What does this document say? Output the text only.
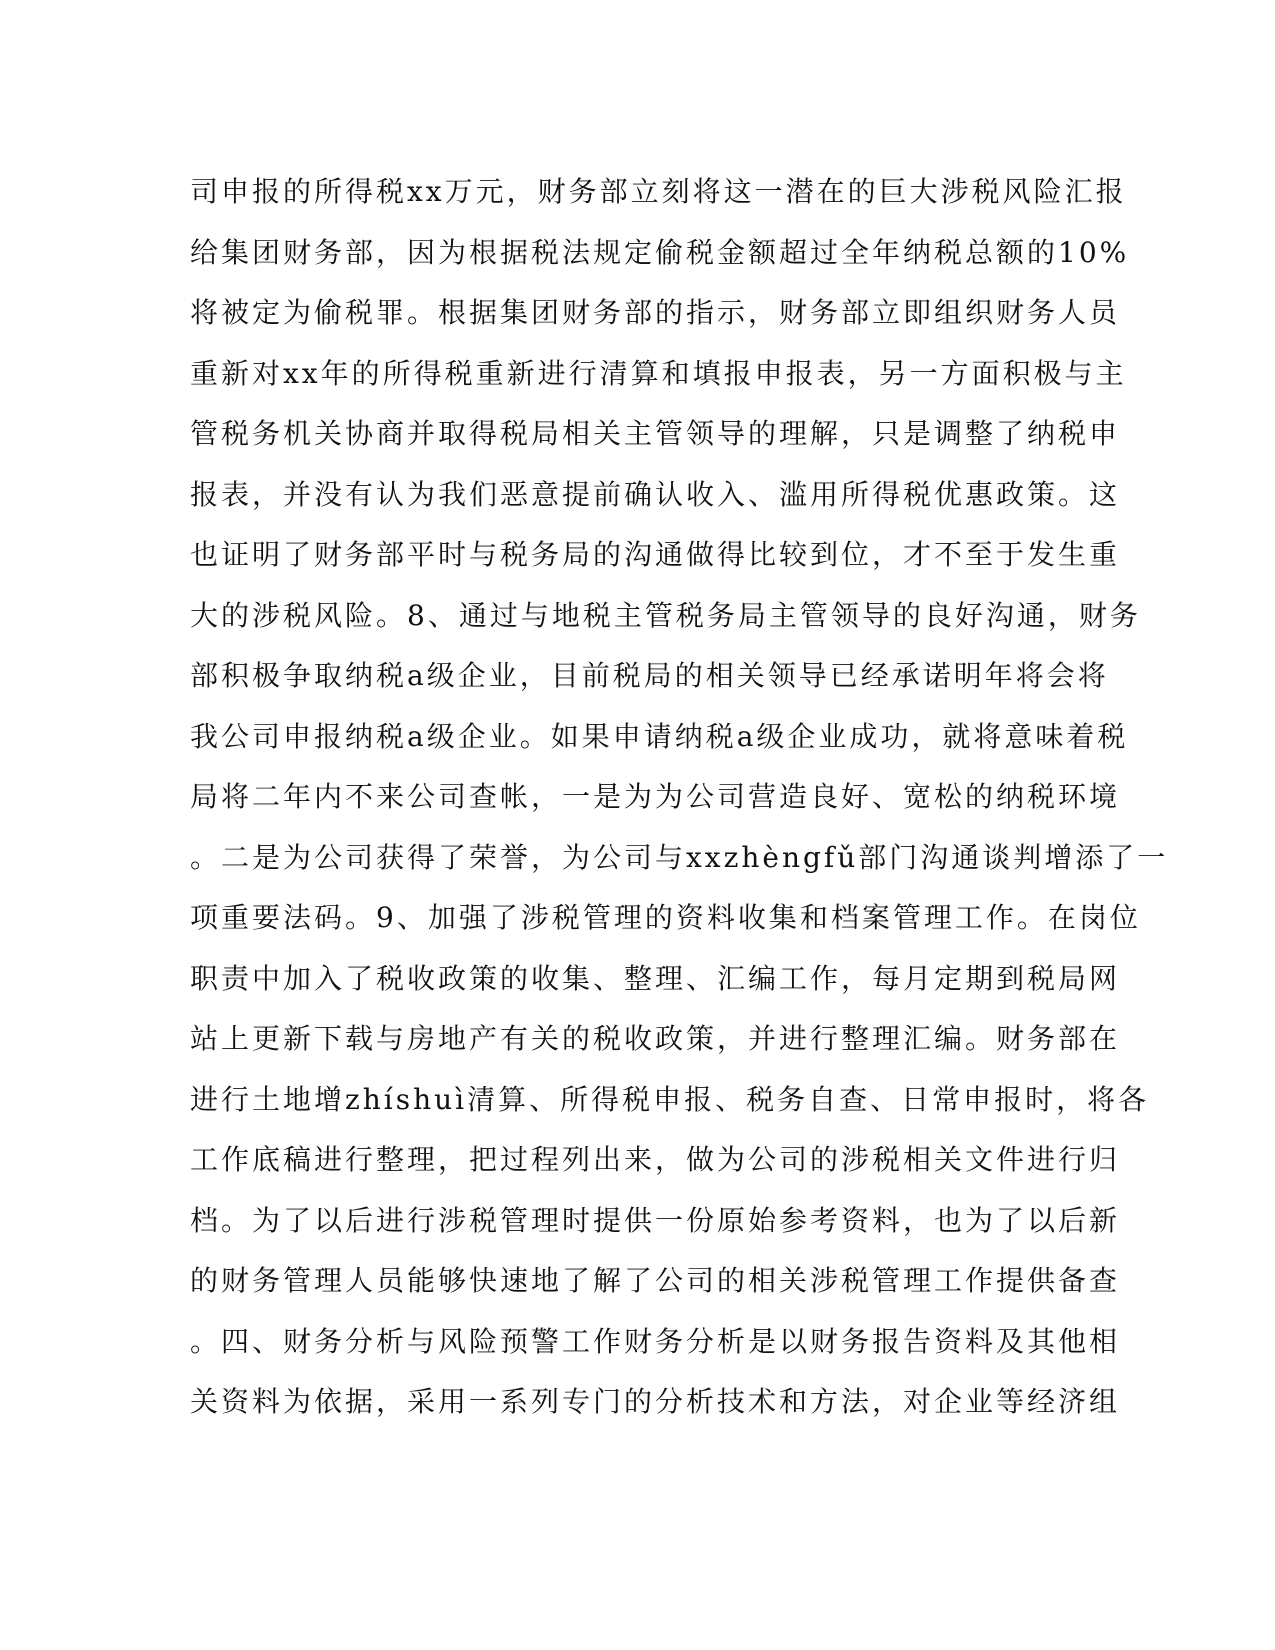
司申报的所得税xx万元，财务部立刻将这一潜在的巨大涉税风险汇报
给集团财务部，因为根据税法规定偷税金额超过全年纳税总额的10%
将被定为偷税罪。根据集团财务部的指示，财务部立即组织财务人员
重新对xx年的所得税重新进行清算和填报申报表，另一方面积极与主
管税务机关协商并取得税局相关主管领导的理解，只是调整了纳税申
报表，并没有认为我们恶意提前确认收入、滥用所得税优惠政策。这
也证明了财务部平时与税务局的沟通做得比较到位，才不至于发生重
大的涉税风险。8、通过与地税主管税务局主管领导的良好沟通，财务
部积极争取纳税a级企业，目前税局的相关领导已经承诺明年将会将
我公司申报纳税a级企业。如果申请纳税a级企业成功，就将意味着税
局将二年内不来公司查帐，一是为为公司营造良好、宽松的纳税环境
。二是为公司获得了荣誉，为公司与xxzhèngfǔ部门沟通谈判增添了一
项重要法码。9、加强了涉税管理的资料收集和档案管理工作。在岗位
职责中加入了税收政策的收集、整理、汇编工作，每月定期到税局网
站上更新下载与房地产有关的税收政策，并进行整理汇编。财务部在
进行土地增zhíshuì清算、所得税申报、税务自查、日常申报时，将各
工作底稿进行整理，把过程列出来，做为公司的涉税相关文件进行归
档。为了以后进行涉税管理时提供一份原始参考资料，也为了以后新
的财务管理人员能够快速地了解了公司的相关涉税管理工作提供备查
。四、财务分析与风险预警工作财务分析是以财务报告资料及其他相
关资料为依据，采用一系列专门的分析技术和方法，对企业等经济组
